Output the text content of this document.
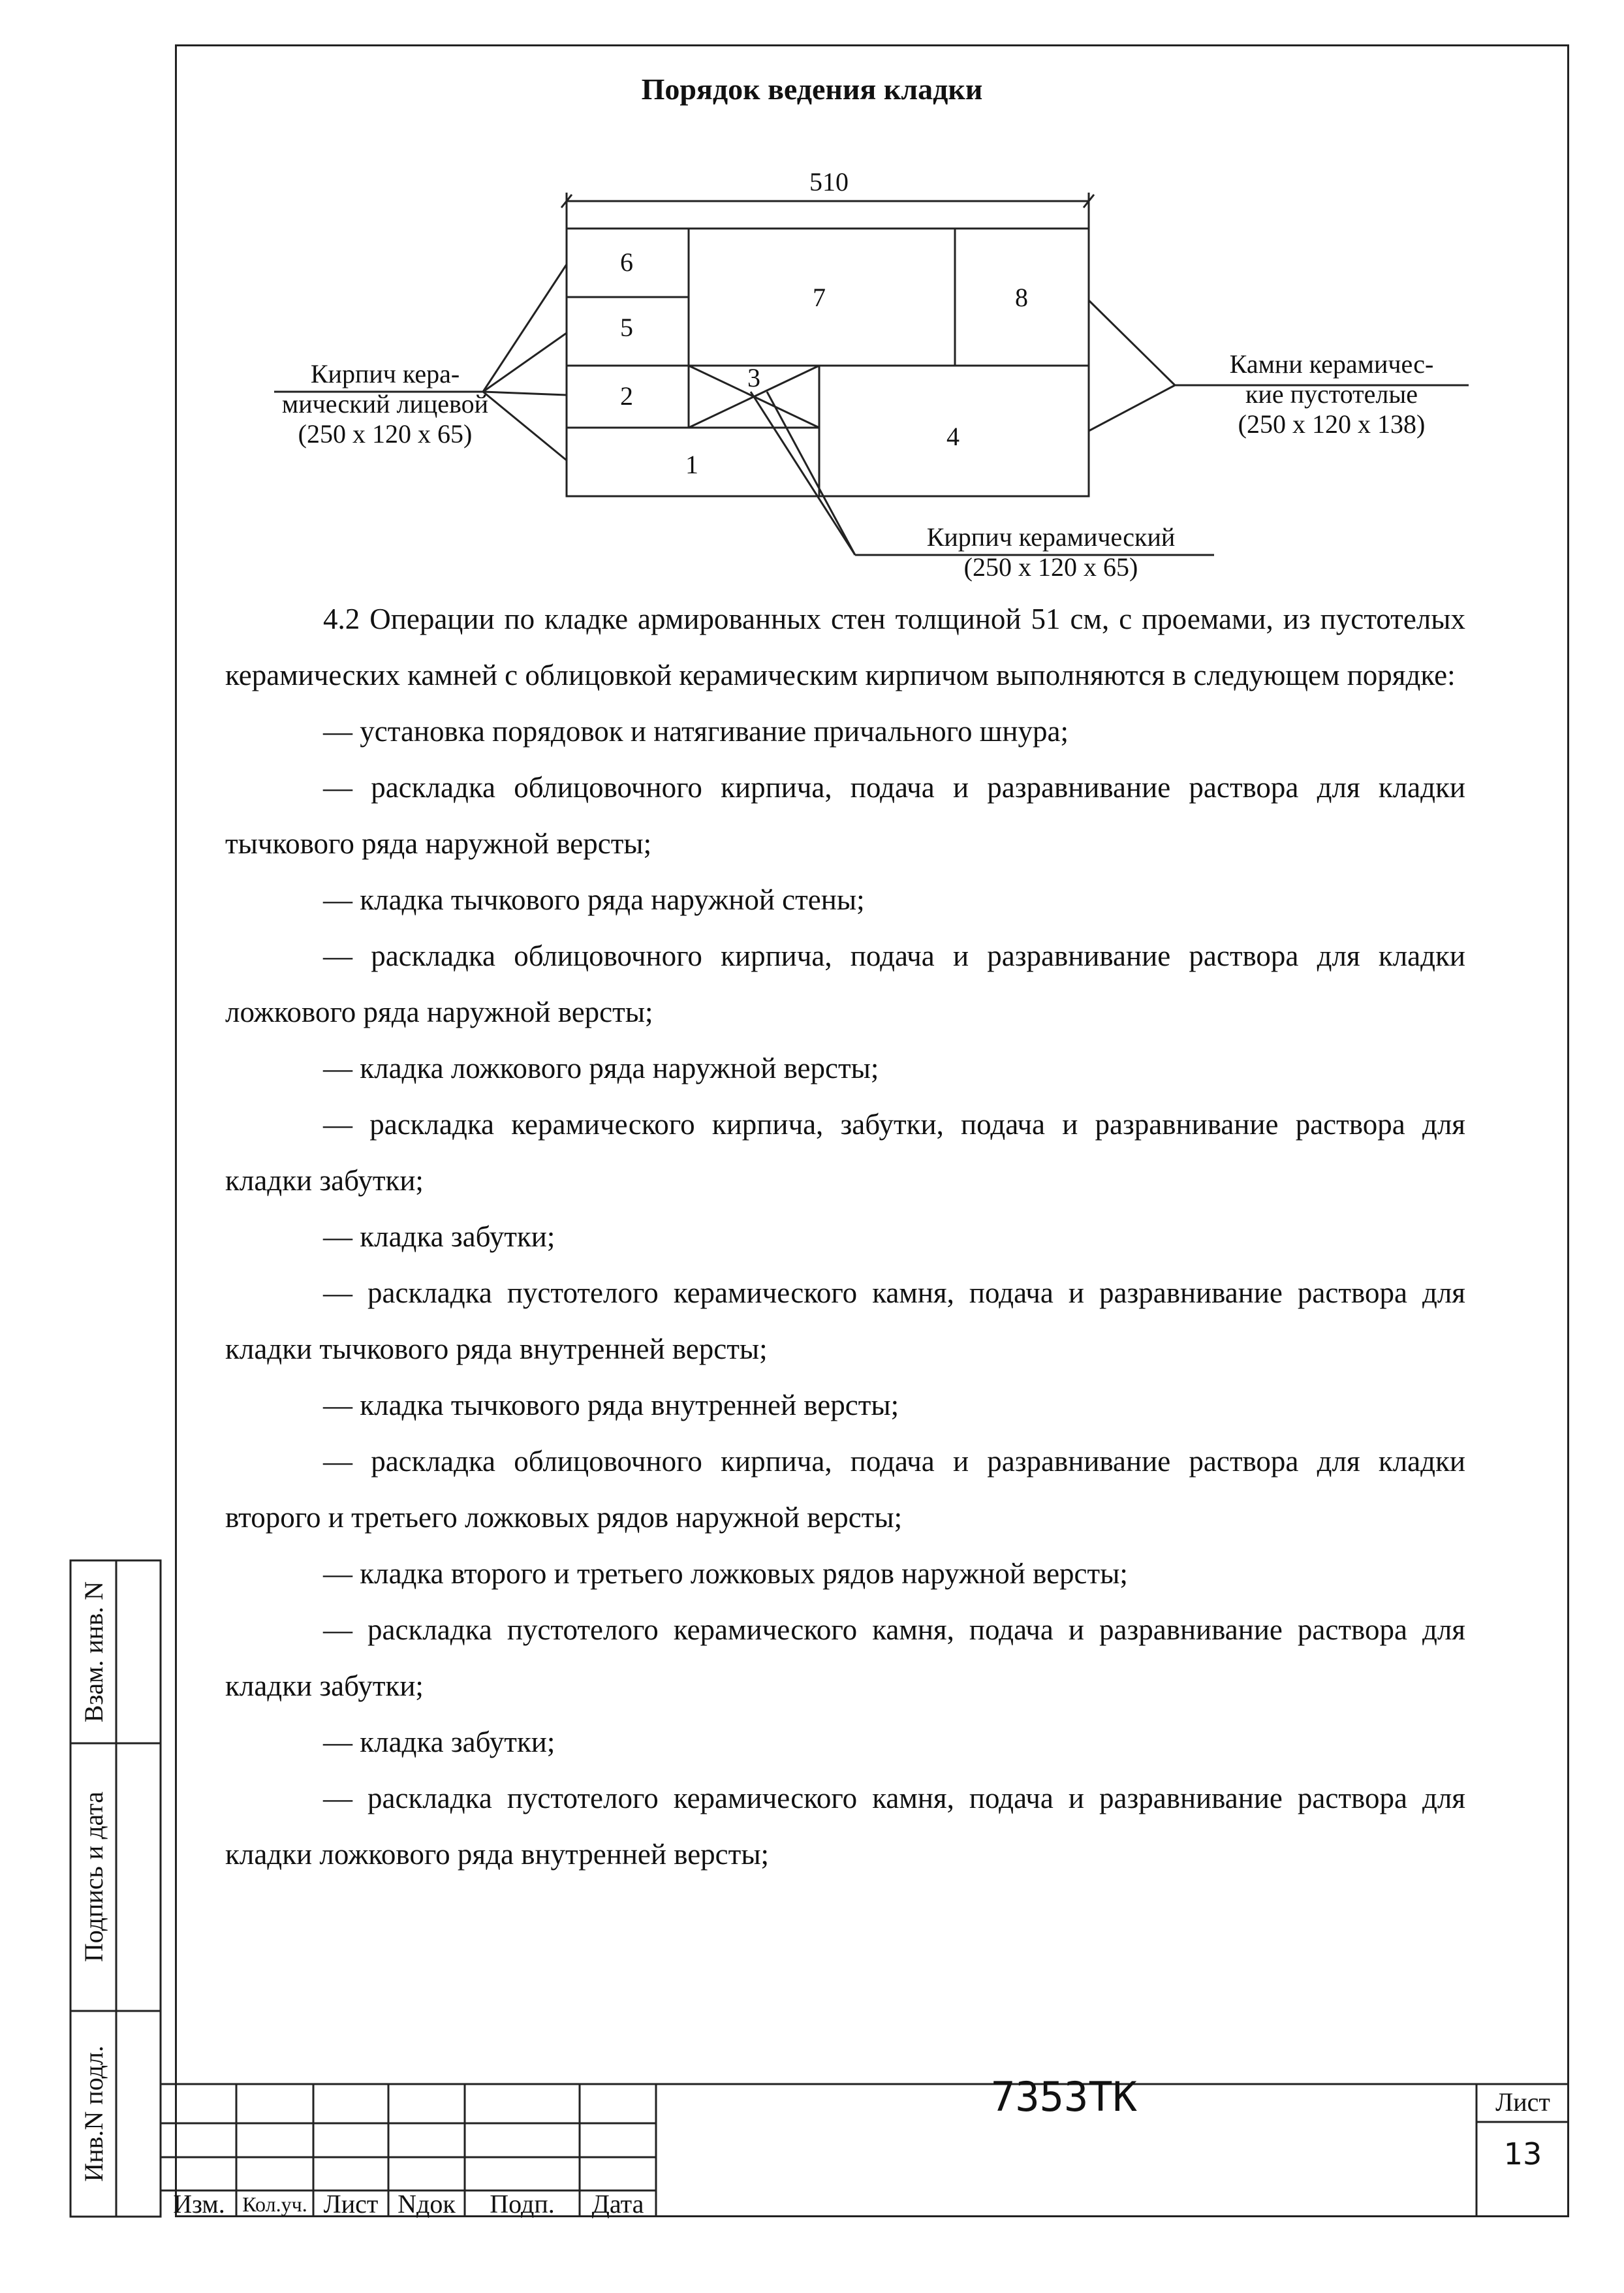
Порядок ведения кладки
510
6
5
2
3
1
4
7	8
Кирпич кера-
мический лицевой
(250 x 120 x 65)
Камни керамичес-
кие пустотелые
(250 x 120 x 138)
Кирпич керамический
(250 x 120 x 65)

4.2 Операции по кладке армированных стен толщиной 51 см, с проемами, из пустотелых керамических камней с облицовкой керамическим кирпичом выполняются в следующем порядке:

— установка порядовок и натягивание причального шнура;

— раскладка облицовочного кирпича, подача и разравнивание раствора для кладки тычкового ряда наружной версты;

— кладка тычкового ряда наружной стены;

— раскладка облицовочного кирпича, подача и разравнивание раствора для кладки ложкового ряда наружной версты;

— кладка ложкового ряда наружной версты;

— раскладка керамического кирпича, забутки, подача и разравнивание раствора для кладки забутки;

— кладка забутки;

— раскладка пустотелого керамического камня, подача и разравнивание раствора для кладки тычкового ряда внутренней версты;

— кладка тычкового ряда внутренней версты;

— раскладка облицовочного кирпича, подача и разравнивание раствора для кладки второго и третьего ложковых рядов наружной версты;

— кладка второго и третьего ложковых рядов наружной версты;

— раскладка пустотелого керамического камня, подача и разравнивание раствора для кладки забутки;

— кладка забутки;

— раскладка пустотелого керамического камня, подача и разравнивание раствора для кладки ложкового ряда внутренней версты;

Взам. инв. N
Подпись и дата
Инв.N подл.
Изм. Кол.уч. Лист Nдок	Подп.	Дата
7353ТК	Лист
13
